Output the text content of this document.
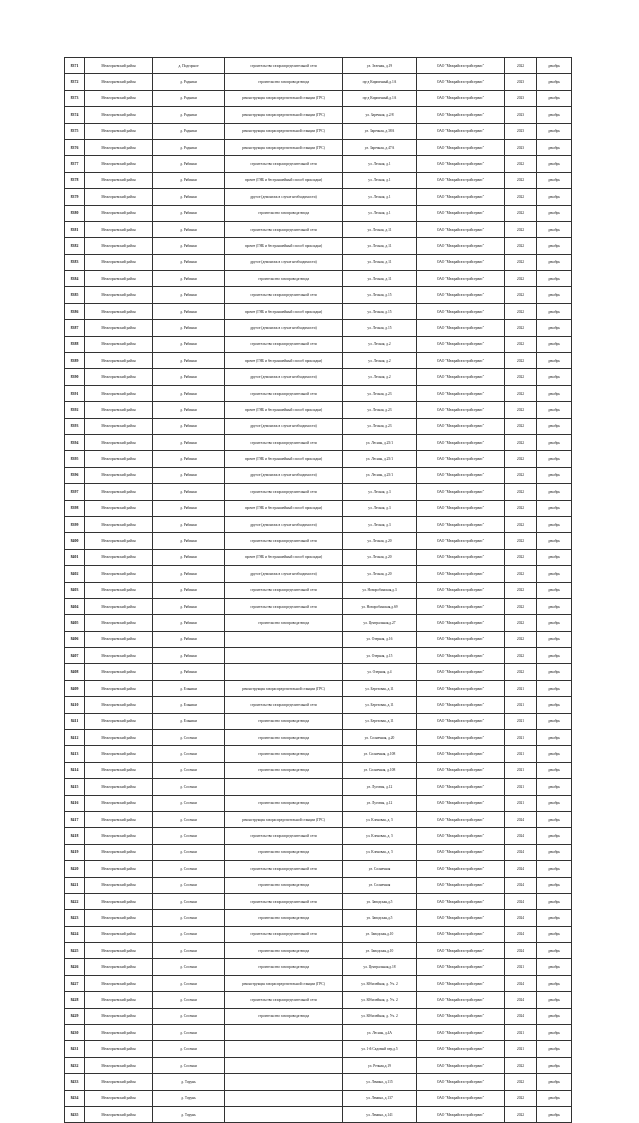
8371	Межгорьевский район	д. Подгорное	строительство газораспределительной сети	ул. Зеленая, д.19	ОАО "Межрайгазстройсервис"	2022	декабрь
8372	Межгорьевский район	д. Родники	строительство газопровода-ввода	пр-д Кирпичный,д.1А	ОАО "Межрайгазстройсервис"	2023	декабрь
8373	Межгорьевский район	д. Родники	реконструкция газораспределительной станции (ГРС)	пр-д Кирпичный,д.1А	ОАО "Межрайгазстройсервис"	2023	декабрь
8374	Межгорьевский район	д. Родники	реконструкция газораспределительной станции (ГРС)	ул. Заречная, д.2/8	ОАО "Межрайгазстройсервис"	2023	декабрь
8375	Межгорьевский район	д. Родники	реконструкция газораспределительной станции (ГРС)	ул. Заречная, д.38А	ОАО "Межрайгазстройсервис"	2023	декабрь
8376	Межгорьевский район	д. Родники	реконструкция газораспределительной станции (ГРС)	ул. Заречная, д.47А	ОАО "Межрайгазстройсервис"	2023	декабрь
8377	Межгорьевский район	д. Рябинки	строительство газораспределительной сети	ул. Лесная, д.1	ОАО "Межрайгазстройсервис"	2022	декабрь
8378	Межгорьевский район	д. Рябинки	прочее (ГНБ и бестраншейный способ прокладки)	ул. Лесная, д.1	ОАО "Межрайгазстройсервис"	2022	декабрь
8379	Межгорьевский район	д. Рябинки	другое (демонтаж в случае необходимости)	ул. Лесная, д.1	ОАО "Межрайгазстройсервис"	2022	декабрь
8380	Межгорьевский район	д. Рябинки	строительство газопровода-ввода	ул. Лесная, д.1	ОАО "Межрайгазстройсервис"	2022	декабрь
8381	Межгорьевский район	д. Рябинки	строительство газораспределительной сети	ул. Лесная, д.11	ОАО "Межрайгазстройсервис"	2022	декабрь
8382	Межгорьевский район	д. Рябинки	прочее (ГНБ и бестраншейный способ прокладки)	ул. Лесная, д.11	ОАО "Межрайгазстройсервис"	2022	декабрь
8383	Межгорьевский район	д. Рябинки	другое (демонтаж в случае необходимости)	ул. Лесная, д.11	ОАО "Межрайгазстройсервис"	2022	декабрь
8384	Межгорьевский район	д. Рябинки	строительство газопровода-ввода	ул. Лесная, д.11	ОАО "Межрайгазстройсервис"	2022	декабрь
8385	Межгорьевский район	д. Рябинки	строительство газораспределительной сети	ул. Лесная, д.15	ОАО "Межрайгазстройсервис"	2022	декабрь
8386	Межгорьевский район	д. Рябинки	прочее (ГНБ и бестраншейный способ прокладки)	ул. Лесная, д.15	ОАО "Межрайгазстройсервис"	2022	декабрь
8387	Межгорьевский район	д. Рябинки	другое (демонтаж в случае необходимости)	ул. Лесная, д.15	ОАО "Межрайгазстройсервис"	2022	декабрь
8388	Межгорьевский район	д. Рябинки	строительство газораспределительной сети	ул. Лесная, д.2	ОАО "Межрайгазстройсервис"	2022	декабрь
8389	Межгорьевский район	д. Рябинки	прочее (ГНБ и бестраншейный способ прокладки)	ул. Лесная, д.2	ОАО "Межрайгазстройсервис"	2022	декабрь
8390	Межгорьевский район	д. Рябинки	другое (демонтаж в случае необходимости)	ул. Лесная, д.2	ОАО "Межрайгазстройсервис"	2022	декабрь
8391	Межгорьевский район	д. Рябинки	строительство газораспределительной сети	ул. Лесная, д.23	ОАО "Межрайгазстройсервис"	2022	декабрь
8392	Межгорьевский район	д. Рябинки	прочее (ГНБ и бестраншейный способ прокладки)	ул. Лесная, д.23	ОАО "Межрайгазстройсервис"	2022	декабрь
8393	Межгорьевский район	д. Рябинки	другое (демонтаж в случае необходимости)	ул. Лесная, д.23	ОАО "Межрайгазстройсервис"	2022	декабрь
8394	Межгорьевский район	д. Рябинки	строительство газораспределительной сети	ул. Лесная, д.25/1	ОАО "Межрайгазстройсервис"	2022	декабрь
8395	Межгорьевский район	д. Рябинки	прочее (ГНБ и бестраншейный способ прокладки)	ул. Лесная, д.25/1	ОАО "Межрайгазстройсервис"	2022	декабрь
8396	Межгорьевский район	д. Рябинки	другое (демонтаж в случае необходимости)	ул. Лесная, д.25/1	ОАО "Межрайгазстройсервис"	2022	декабрь
8397	Межгорьевский район	д. Рябинки	строительство газораспределительной сети	ул. Лесная, д.3	ОАО "Межрайгазстройсервис"	2022	декабрь
8398	Межгорьевский район	д. Рябинки	прочее (ГНБ и бестраншейный способ прокладки)	ул. Лесная, д.3	ОАО "Межрайгазстройсервис"	2022	декабрь
8399	Межгорьевский район	д. Рябинки	другое (демонтаж в случае необходимости)	ул. Лесная, д.3	ОАО "Межрайгазстройсервис"	2022	декабрь
8400	Межгорьевский район	д. Рябинки	строительство газораспределительной сети	ул. Лесная, д.20	ОАО "Межрайгазстройсервис"	2022	декабрь
8401	Межгорьевский район	д. Рябинки	прочее (ГНБ и бестраншейный способ прокладки)	ул. Лесная, д.20	ОАО "Межрайгазстройсервис"	2022	декабрь
8402	Межгорьевский район	д. Рябинки	другое (демонтаж в случае необходимости)	ул. Лесная, д.20	ОАО "Межрайгазстройсервис"	2022	декабрь
8403	Межгорьевский район	д. Рябинки	строительство газораспределительной сети	ул. Новоробинская,д.3	ОАО "Межрайгазстройсервис"	2022	декабрь
8404	Межгорьевский район	д. Рябинки	строительство газораспределительной сети	ул. Новоробинская,д.69	ОАО "Межрайгазстройсервис"	2022	декабрь
8405	Межгорьевский район	д. Рябинки	строительство газопровода-ввода	ул. Центральная,д.27	ОАО "Межрайгазстройсервис"	2022	декабрь
8406	Межгорьевский район	д. Рябинки		ул. Озерная, д.16	ОАО "Межрайгазстройсервис"	2022	декабрь
8407	Межгорьевский район	д. Рябинки		ул. Озерная, д.15	ОАО "Межрайгазстройсервис"	2022	декабрь
8408	Межгорьевский район	д. Рябинки		ул. Озерная, д.4	ОАО "Межрайгазстройсервис"	2022	декабрь
8409	Межгорьевский район	д. Ельники	реконструкция газораспределительной станции (ГРС)	ул. Березовая, д.11	ОАО "Межрайгазстройсервис"	2021	декабрь
8410	Межгорьевский район	д. Ельники	строительство газораспределительной сети	ул. Березовая, д.11	ОАО "Межрайгазстройсервис"	2021	декабрь
8411	Межгорьевский район	д. Ельники	строительство газопровода-ввода	ул. Березовая, д.11	ОАО "Межрайгазстройсервис"	2021	декабрь
8412	Межгорьевский район	д. Сосенки	строительство газопровода-ввода	ул. Солнечная, д.20	ОАО "Межрайгазстройсервис"	2021	декабрь
8413	Межгорьевский район	д. Сосенки	строительство газопровода-ввода	ул. Солнечная, д.108	ОАО "Межрайгазстройсервис"	2021	декабрь
8414	Межгорьевский район	д. Сосенки	строительство газопровода-ввода	ул. Солнечная, д.108	ОАО "Межрайгазстройсервис"	2021	декабрь
8415	Межгорьевский район	д. Сосенки		ул. Луговая, д.12	ОАО "Межрайгазстройсервис"	2021	декабрь
8416	Межгорьевский район	д. Сосенки	строительство газопровода-ввода	ул. Луговая, д.12	ОАО "Межрайгазстройсервис"	2021	декабрь
8417	Межгорьевский район	д. Сосенки	реконструкция газораспределительной станции (ГРС)	ул. Кленовая, д. 5	ОАО "Межрайгазстройсервис"	2024	декабрь
8418	Межгорьевский район	д. Сосенки	строительство газораспределительной сети	ул. Кленовая, д. 5	ОАО "Межрайгазстройсервис"	2024	декабрь
8419	Межгорьевский район	д. Сосенки	строительство газопровода-ввода	ул. Кленовая, д. 5	ОАО "Межрайгазстройсервис"	2024	декабрь
8420	Межгорьевский район	д. Сосенки	строительство газораспределительной сети	ул. Солнечная	ОАО "Межрайгазстройсервис"	2024	декабрь
8421	Межгорьевский район	д. Сосенки	строительство газопровода-ввода	ул. Солнечная	ОАО "Межрайгазстройсервис"	2024	декабрь
8422	Межгорьевский район	д. Сосенки	строительство газораспределительной сети	ул. Заводская,д.5	ОАО "Межрайгазстройсервис"	2024	декабрь
8423	Межгорьевский район	д. Сосенки	строительство газопровода-ввода	ул. Заводская,д.5	ОАО "Межрайгазстройсервис"	2024	декабрь
8424	Межгорьевский район	д. Сосенки	строительство газораспределительной сети	ул. Заводская,д.10	ОАО "Межрайгазстройсервис"	2024	декабрь
8425	Межгорьевский район	д. Сосенки	строительство газопровода-ввода	ул. Заводская,д.10	ОАО "Межрайгазстройсервис"	2024	декабрь
8426	Межгорьевский район	д. Сосенки	строительство газопровода-ввода	ул. Центральная,д.18	ОАО "Межрайгазстройсервис"	2021	декабрь
8427	Межгорьевский район	д. Сосенки	реконструкция газораспределительной станции (ГРС)	ул. Юбилейная, д. Уч. 2	ОАО "Межрайгазстройсервис"	2024	декабрь
8428	Межгорьевский район	д. Сосенки	строительство газораспределительной сети	ул. Юбилейная, д. Уч. 2	ОАО "Межрайгазстройсервис"	2024	декабрь
8429	Межгорьевский район	д. Сосенки	строительство газопровода-ввода	ул. Юбилейная, д. Уч. 2	ОАО "Межрайгазстройсервис"	2024	декабрь
8430	Межгорьевский район	д. Сосенки		ул. Лесная, д.4А	ОАО "Межрайгазстройсервис"	2021	декабрь
8431	Межгорьевский район	д. Сосенки		ул. 1-й Садовый пер,д.5	ОАО "Межрайгазстройсервис"	2021	декабрь
8432	Межгорьевский район	д. Сосенки		ул. Речная,д.19	ОАО "Межрайгазстройсервис"	2022	декабрь
8433	Межгорьевский район	д. Торунь		ул. Ленина, д.115	ОАО "Межрайгазстройсервис"	2022	декабрь
8434	Межгорьевский район	д. Торунь		ул. Ленина, д.137	ОАО "Межрайгазстройсервис"	2022	декабрь
8435	Межгорьевский район	д. Торунь		ул. Ленина, д.141	ОАО "Межрайгазстройсервис"	2022	декабрь
